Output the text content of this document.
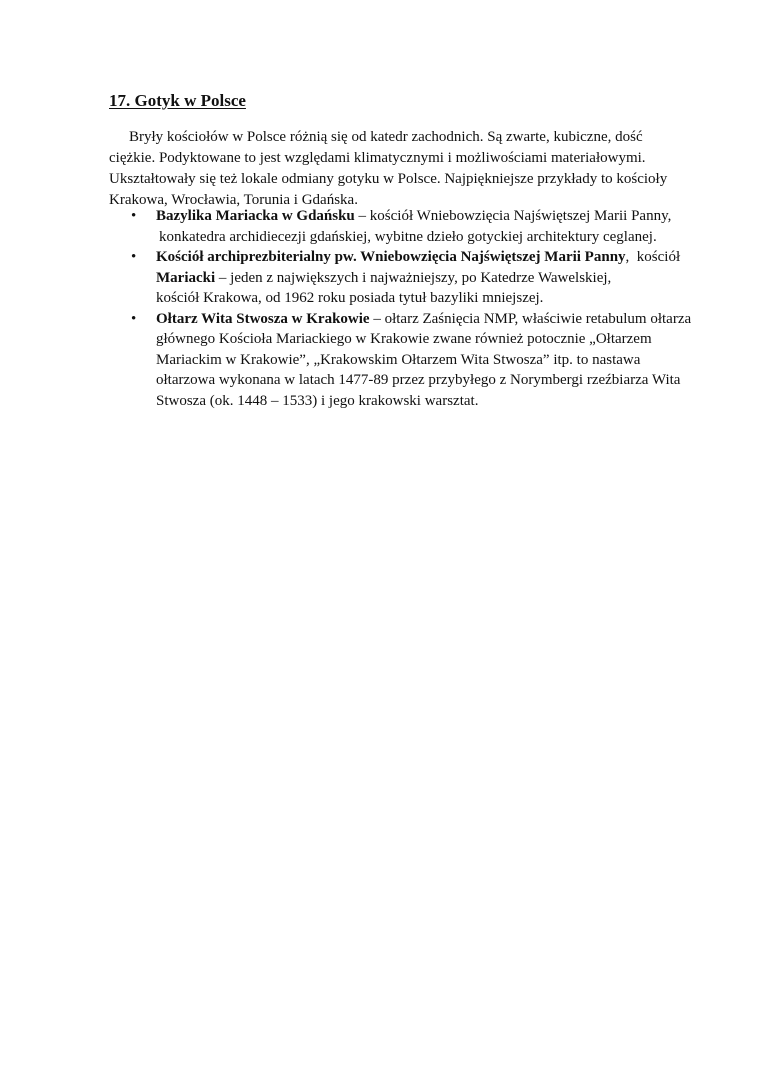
17. Gotyk w Polsce
Bryły kościołów w Polsce różnią się od katedr zachodnich. Są zwarte, kubiczne, dość
ciężkie. Podyktowane to jest względami klimatycznymi i możliwościami materiałowymi.
Ukształtowały się też lokale odmiany gotyku w Polsce. Najpiękniejsze przykłady to kościoły
Krakowa, Wrocławia, Torunia i Gdańska.
• Bazylika Mariacka w Gdańsku – kościół Wniebowzięcia Najświętszej Marii Panny,
konkatedra archidiecezji gdańskiej, wybitne dzieło gotyckiej architektury ceglanej.
• Kościół archiprezbiterialny pw. Wniebowzięcia Najświętszej Marii Panny,  kościół
Mariacki – jeden z największych i najważniejszy, po Katedrze Wawelskiej,
kościół Krakowa, od 1962 roku posiada tytuł bazyliki mniejszej.
• Ołtarz Wita Stwosza w Krakowie – ołtarz Zaśnięcia NMP, właściwie retabulum ołtarza
głównego Kościoła Mariackiego w Krakowie zwane również potocznie „Ołtarzem
Mariackim w Krakowie”, „Krakowskim Ołtarzem Wita Stwosza” itp. to nastawa
ołtarzowa wykonana w latach 1477-89 przez przybyłego z Norymbergi rzeźbiarza Wita
Stwosza (ok. 1448 – 1533) i jego krakowski warsztat.
